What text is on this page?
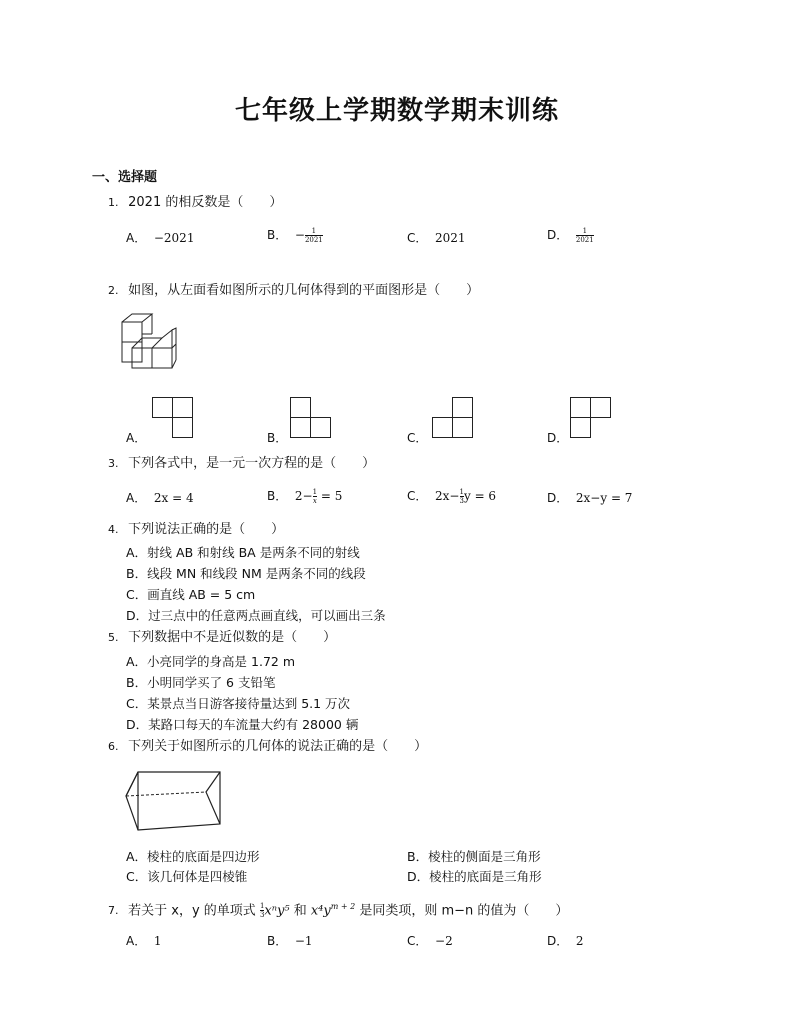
七年级上学期数学期末训练
一、选择题
1. 2021 的相反数是（　　）
A． −2021	B． − $\frac{1}{2021}$	C． 2021	D． $\frac{1}{2021}$
2. 如图，从左面看如图所示的几何体得到的平面图形是（　　）
A．	B．	C．	D．
3. 下列各式中，是一元一次方程的是（　　）
A． 2x = 4	B． $2- \frac{1}{x} = 5$	C． $2x- \frac{1}{3}$ y = 6	D． 2x−y = 7
4. 下列说法正确的是（　　）
A．射线 AB 和射线 BA 是两条不同的射线
B．线段 MN 和线段 NM 是两条不同的线段
C．画直线 AB = 5 cm
D．过三点中的任意两点画直线，可以画出三条
5. 下列数据中不是近似数的是（　　）
A．小亮同学的身高是 1.72 m
B．小明同学买了 6 支铅笔
C．某景点当日游客接待量达到 5.1 万次
D．某路口每天的车流量大约有 28000 辆
6. 下列关于如图所示的几何体的说法正确的是（　　）
A．棱柱的底面是四边形	B．棱柱的侧面是三角形
C．该几何体是四棱锥	D．棱柱的底面是三角形
7. 若关于 x，y 的单项式 $\frac{1}{3} x^ny^5$ 和 $x^4y^{m + 2}$ 是同类项，则 m−n 的值为（　　）
A． 1	B． −1	C． −2	D． 2
